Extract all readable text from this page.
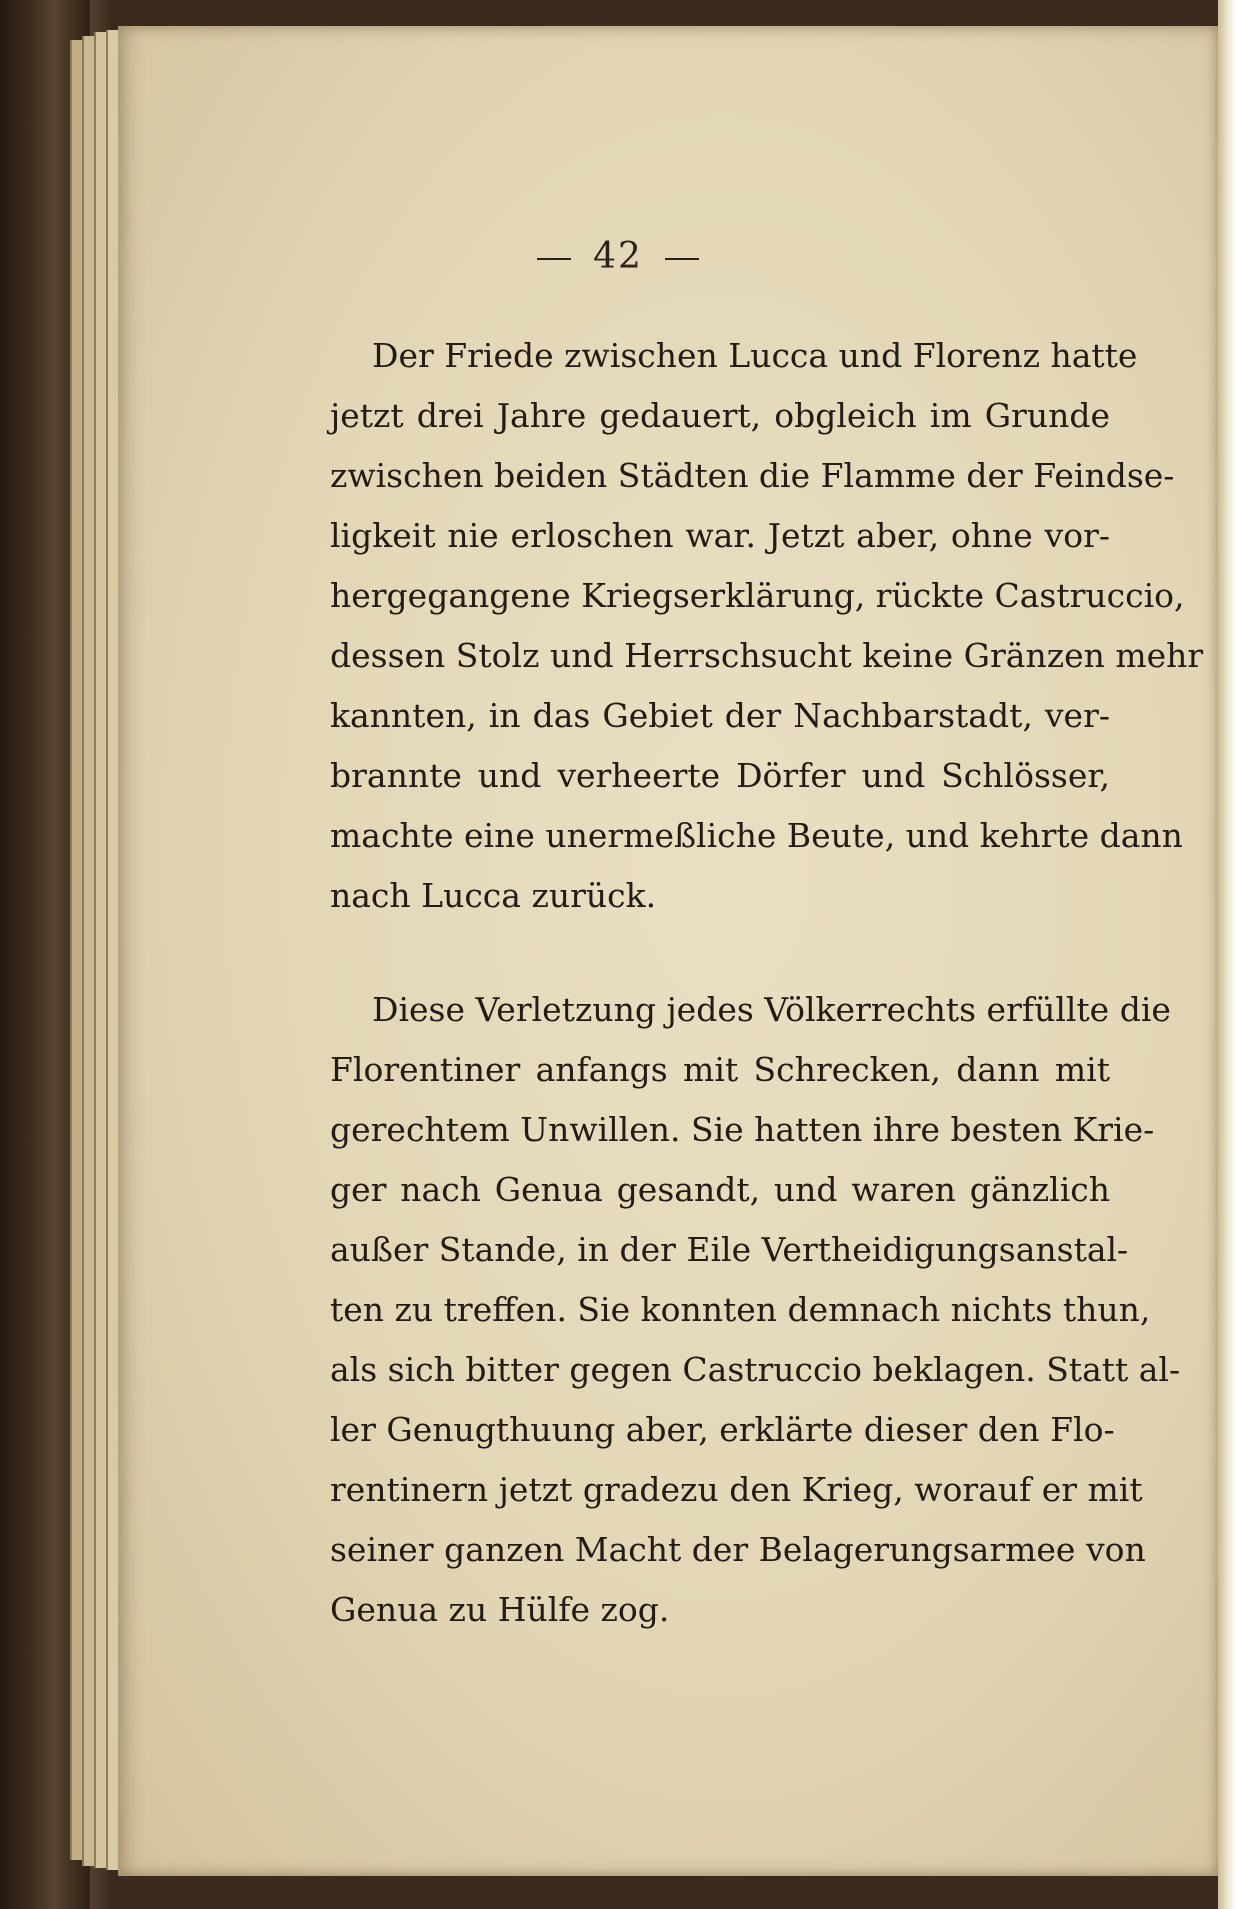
42
Der Friede zwischen Lucca und Florenz hatte
jetzt drei Jahre gedauert, obgleich im Grunde
zwischen beiden Städten die Flamme der Feindse-
ligkeit nie erloschen war. Jetzt aber, ohne vor-
hergegangene Kriegserklärung, rückte Castruccio,
dessen Stolz und Herrschsucht keine Gränzen mehr
kannten, in das Gebiet der Nachbarstadt, ver-
brannte und verheerte Dörfer und Schlösser,
machte eine unermeßliche Beute, und kehrte dann
nach Lucca zurück.
Diese Verletzung jedes Völkerrechts erfüllte die
Florentiner anfangs mit Schrecken, dann mit
gerechtem Unwillen. Sie hatten ihre besten Krie-
ger nach Genua gesandt, und waren gänzlich
außer Stande, in der Eile Vertheidigungsanstal-
ten zu treffen. Sie konnten demnach nichts thun,
als sich bitter gegen Castruccio beklagen. Statt al-
ler Genugthuung aber, erklärte dieser den Flo-
rentinern jetzt gradezu den Krieg, worauf er mit
seiner ganzen Macht der Belagerungsarmee von
Genua zu Hülfe zog.
